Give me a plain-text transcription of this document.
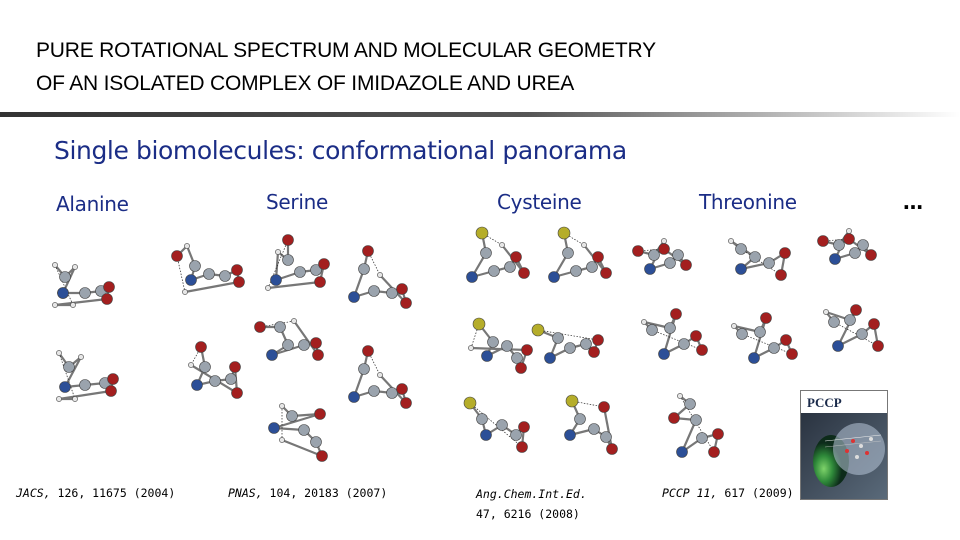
PURE ROTATIONAL SPECTRUM AND MOLECULAR GEOMETRY
OF AN ISOLATED COMPLEX OF IMIDAZOLE AND UREA
Single biomolecules: conformational panorama
Alanine	Serine	Cysteine	Threonine	…
PCCP
JACS, 126, 11675 (2004)	PNAS, 104, 20183 (2007)	Ang.Chem.Int.Ed.
47, 6216 (2008)
PCCP 11, 617 (2009)
